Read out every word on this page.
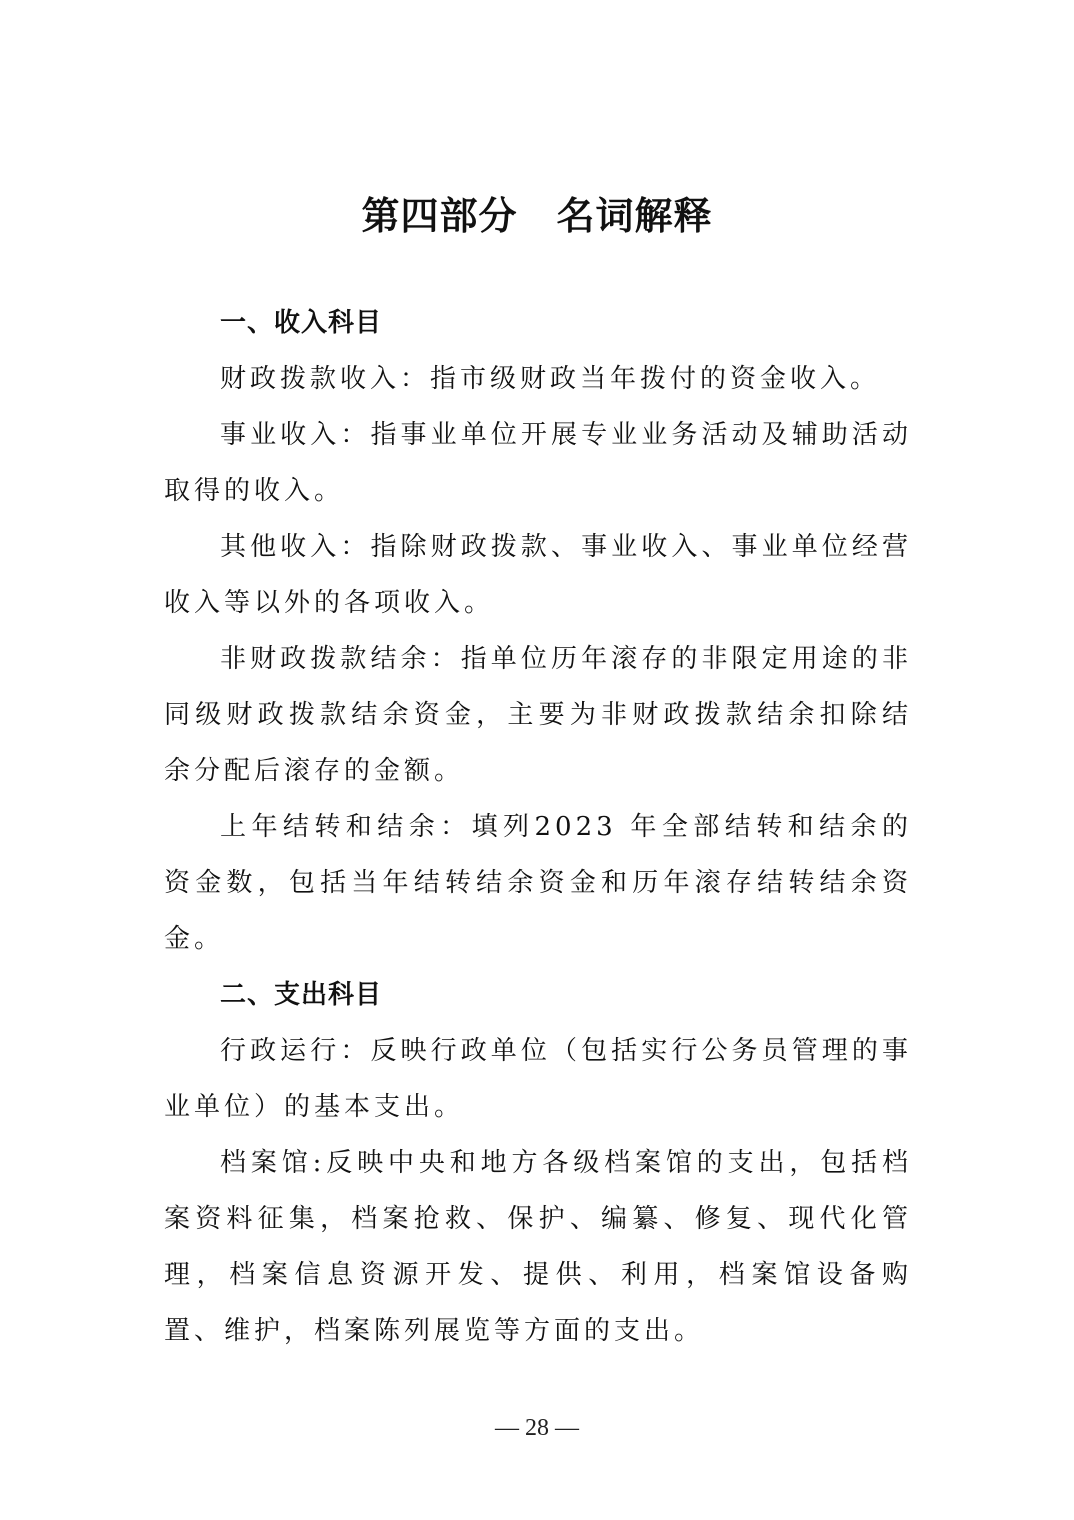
第四部分　名词解释

一、收入科目

财政拨款收入：指市级财政当年拨付的资金收入。

事业收入：指事业单位开展专业业务活动及辅助活动取得的收入。

其他收入：指除财政拨款、事业收入、事业单位经营收入等以外的各项收入。

非财政拨款结余：指单位历年滚存的非限定用途的非同级财政拨款结余资金，主要为非财政拨款结余扣除结余分配后滚存的金额。

上年结转和结余：填列2023 年全部结转和结余的资金数，包括当年结转结余资金和历年滚存结转结余资金。

二、支出科目

行政运行：反映行政单位（包括实行公务员管理的事业单位）的基本支出。

档案馆:反映中央和地方各级档案馆的支出，包括档案资料征集，档案抢救、保护、编纂、修复、现代化管理，档案信息资源开发、提供、利用，档案馆设备购置、维护，档案陈列展览等方面的支出。

— 28 —
